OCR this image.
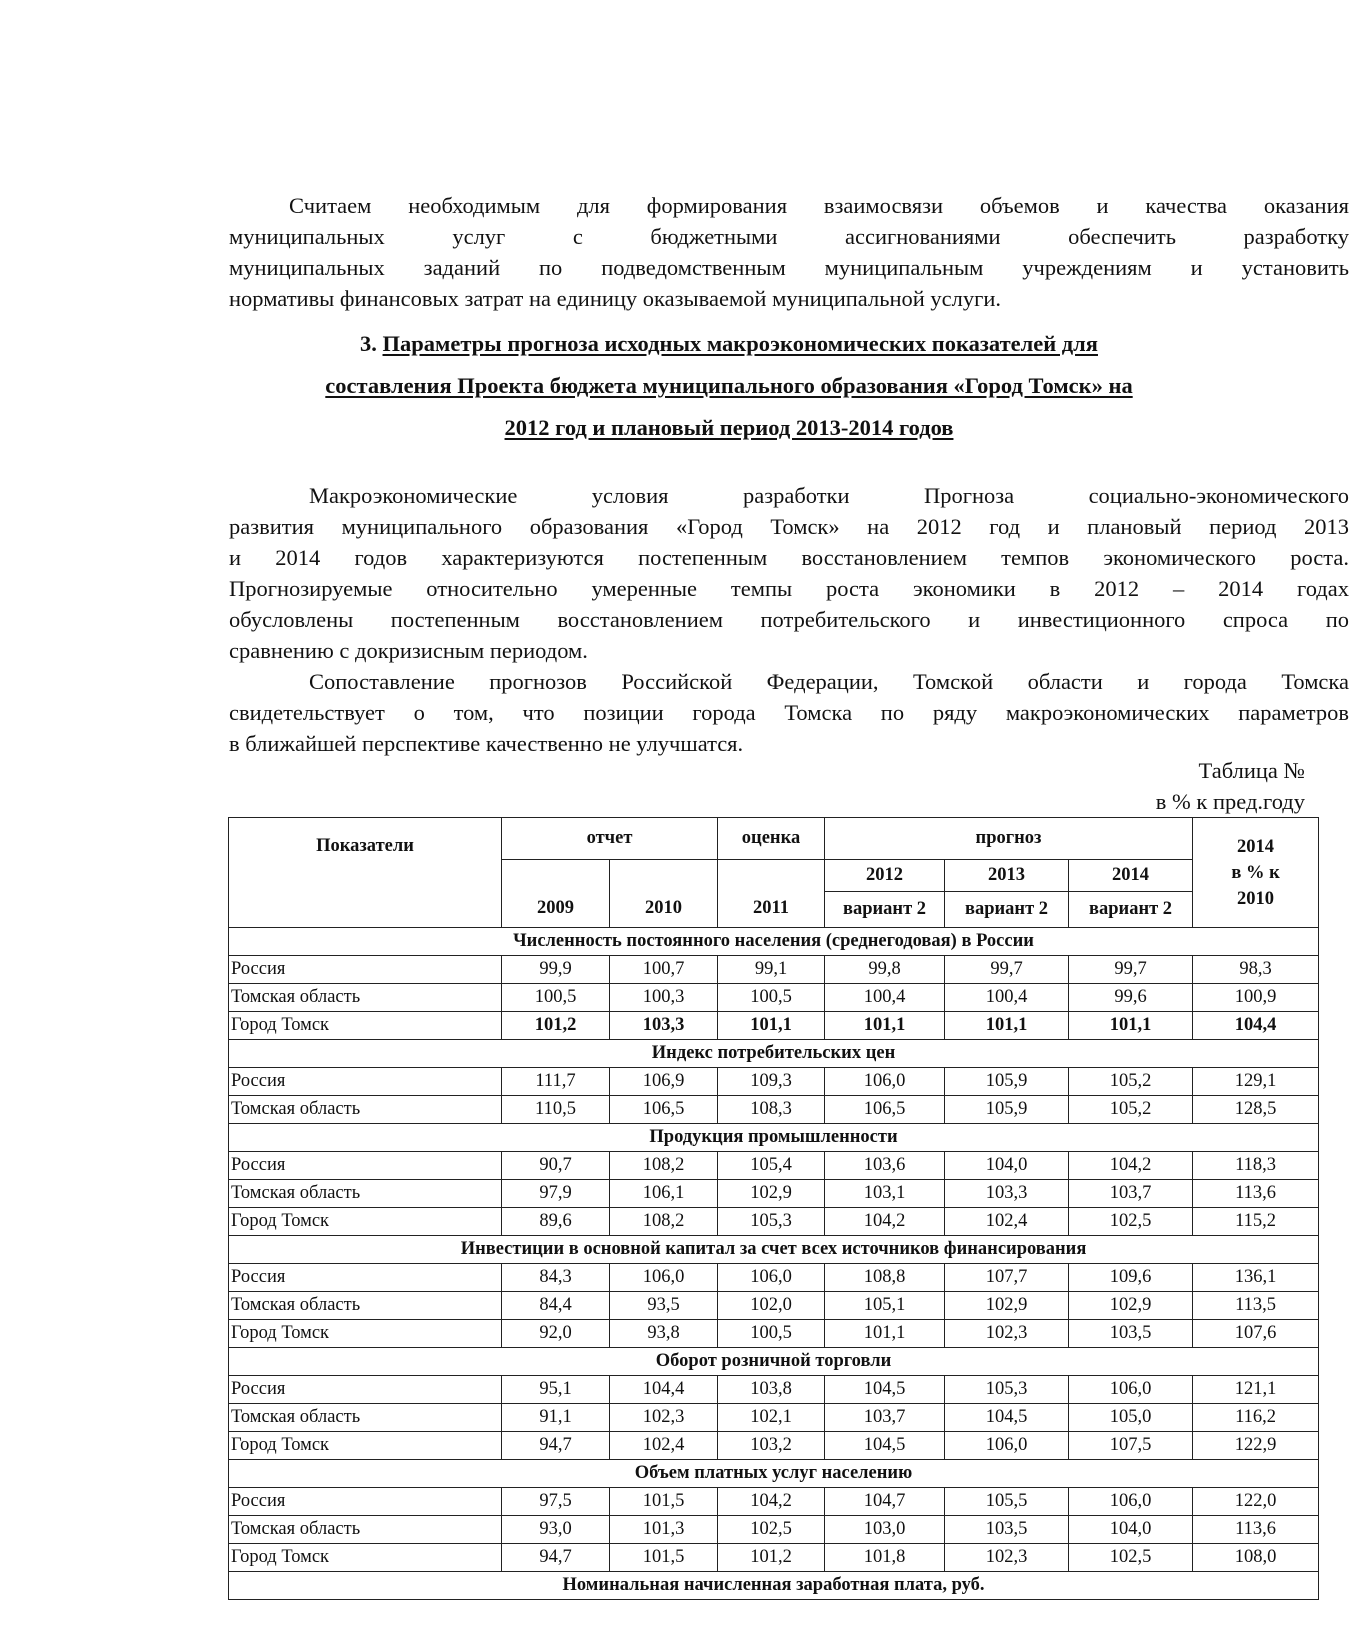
Считаем необходимым для формирования взаимосвязи объемов и качества оказания
муниципальных услуг с бюджетными ассигнованиями обеспечить разработку
муниципальных заданий по подведомственным муниципальным учреждениям и установить
нормативы финансовых затрат на единицу оказываемой муниципальной услуги.
3. Параметры прогноза исходных макроэкономических показателей для
составления Проекта бюджета муниципального образования «Город Томск» на
2012 год и плановый период 2013-2014 годов
Макроэкономические условия разработки Прогноза социально-экономического
развития муниципального образования «Город Томск» на 2012 год и плановый период 2013
и 2014 годов характеризуются постепенным восстановлением темпов экономического роста.
Прогнозируемые относительно умеренные темпы роста экономики в 2012 – 2014 годах
обусловлены постепенным восстановлением потребительского и инвестиционного спроса по
сравнению с докризисным периодом.
Сопоставление прогнозов Российской Федерации, Томской области и города Томска
свидетельствует о том, что позиции города Томска по ряду макроэкономических параметров
в ближайшей перспективе качественно не улучшатся.
Таблица №
в % к пред.году
Показатели	отчет		оценка	прогноз			2014
в % к
2010

	2009	2010	2011	2012	2013	2014	
				вариант 2	вариант 2	вариант 2	
Численность постоянного населения (среднегодовая) в России							
Россия	99,9	100,7	99,1	99,8	99,7	99,7	98,3
Томская область	100,5	100,3	100,5	100,4	100,4	99,6	100,9
Город Томск	101,2	103,3	101,1	101,1	101,1	101,1	104,4
Индекс потребительских цен							
Россия	111,7	106,9	109,3	106,0	105,9	105,2	129,1
Томская область	110,5	106,5	108,3	106,5	105,9	105,2	128,5
Продукция промышленности							
Россия	90,7	108,2	105,4	103,6	104,0	104,2	118,3
Томская область	97,9	106,1	102,9	103,1	103,3	103,7	113,6
Город Томск	89,6	108,2	105,3	104,2	102,4	102,5	115,2
Инвестиции в основной капитал за счет всех источников финансирования							
Россия	84,3	106,0	106,0	108,8	107,7	109,6	136,1
Томская область	84,4	93,5	102,0	105,1	102,9	102,9	113,5
Город Томск	92,0	93,8	100,5	101,1	102,3	103,5	107,6
Оборот розничной торговли							
Россия	95,1	104,4	103,8	104,5	105,3	106,0	121,1
Томская область	91,1	102,3	102,1	103,7	104,5	105,0	116,2
Город Томск	94,7	102,4	103,2	104,5	106,0	107,5	122,9
Объем платных услуг населению							
Россия	97,5	101,5	104,2	104,7	105,5	106,0	122,0
Томская область	93,0	101,3	102,5	103,0	103,5	104,0	113,6
Город Томск	94,7	101,5	101,2	101,8	102,3	102,5	108,0
Номинальная начисленная заработная плата, руб.							
